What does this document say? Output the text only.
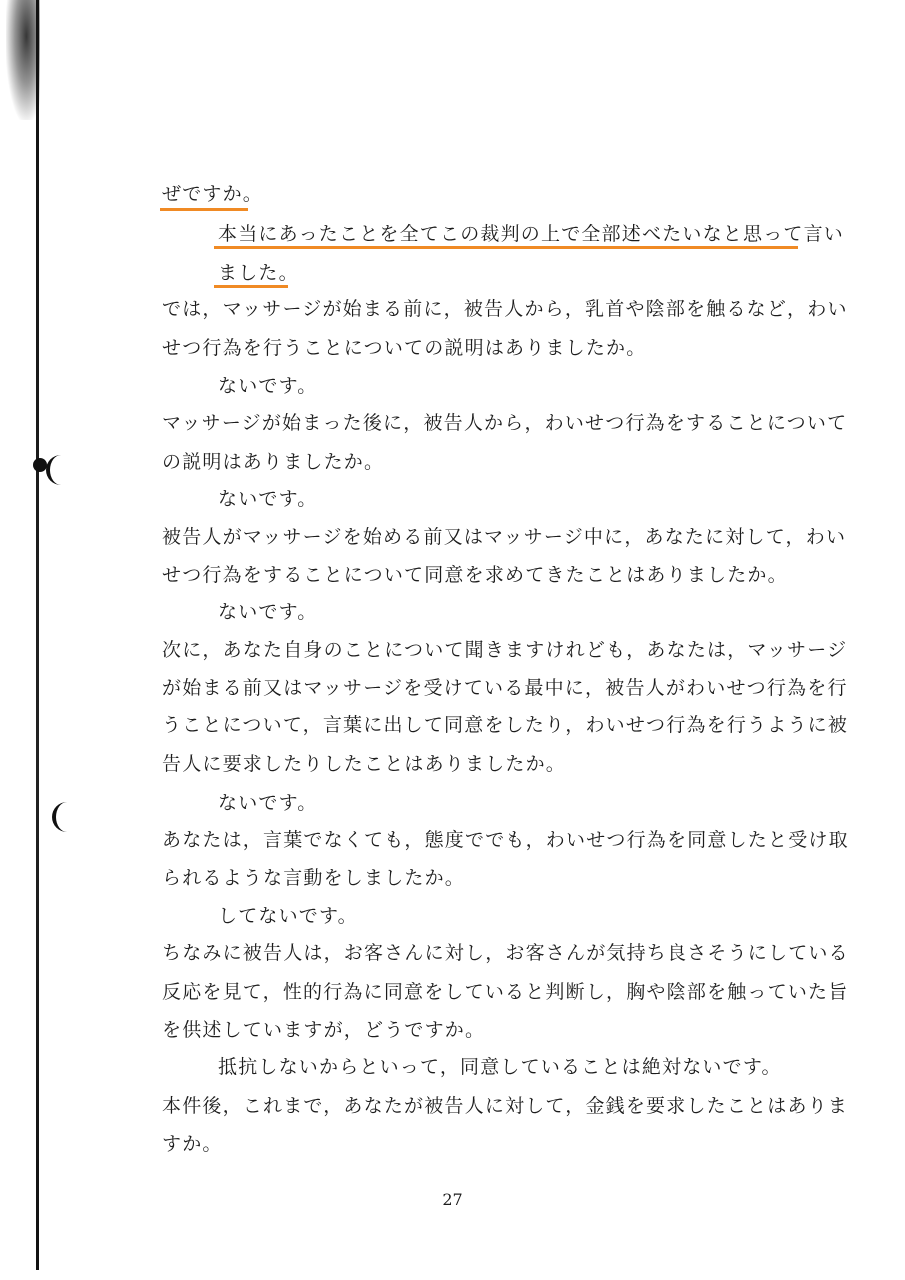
ぜですか。
本当にあったことを全てこの裁判の上で全部述べたいなと思って言い
ました。
では，マッサージが始まる前に，被告人から，乳首や陰部を触るなど，わい
せつ行為を行うことについての説明はありましたか。
ないです。
マッサージが始まった後に，被告人から，わいせつ行為をすることについて
の説明はありましたか。
ないです。
被告人がマッサージを始める前又はマッサージ中に，あなたに対して，わい
せつ行為をすることについて同意を求めてきたことはありましたか。
ないです。
次に，あなた自身のことについて聞きますけれども，あなたは，マッサージ
が始まる前又はマッサージを受けている最中に，被告人がわいせつ行為を行
うことについて，言葉に出して同意をしたり，わいせつ行為を行うように被
告人に要求したりしたことはありましたか。
ないです。
あなたは，言葉でなくても，態度ででも，わいせつ行為を同意したと受け取
られるような言動をしましたか。
してないです。
ちなみに被告人は，お客さんに対し，お客さんが気持ち良さそうにしている
反応を見て，性的行為に同意をしていると判断し，胸や陰部を触っていた旨
を供述していますが，どうですか。
抵抗しないからといって，同意していることは絶対ないです。
本件後，これまで，あなたが被告人に対して，金銭を要求したことはありま
すか。
27
